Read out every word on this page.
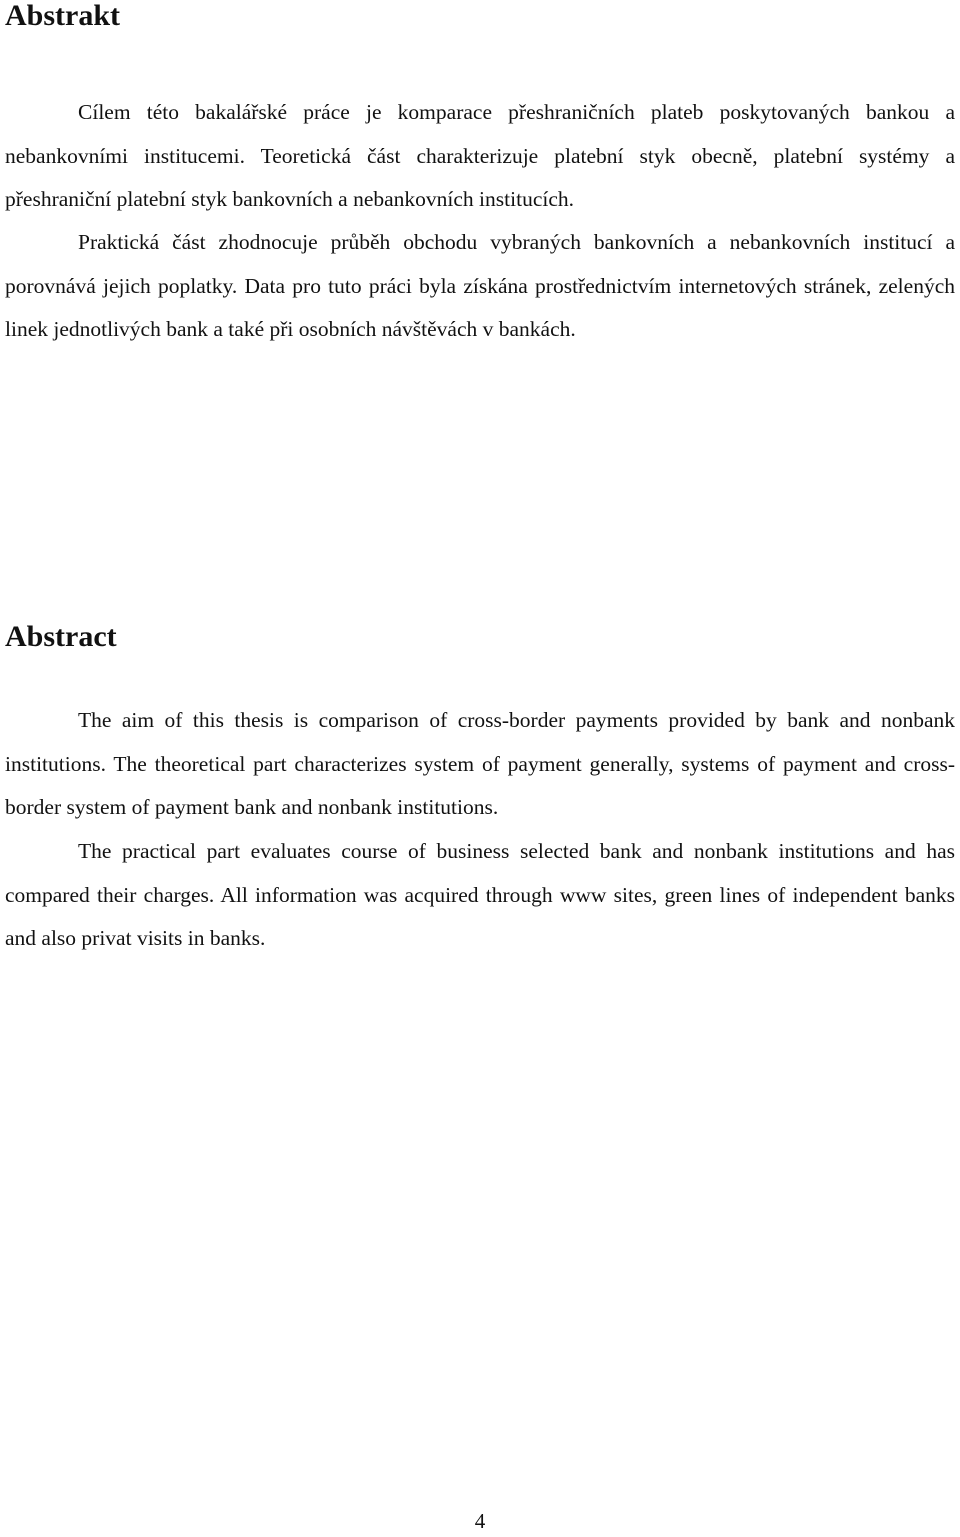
Abstrakt

Cílem této bakalářské práce je komparace přeshraničních plateb poskytovaných bankou a nebankovními institucemi. Teoretická část charakterizuje platební styk obecně, platební systémy a přeshraniční platební styk bankovních a nebankovních institucích.

Praktická část zhodnocuje průběh obchodu vybraných bankovních a nebankovních institucí a porovnává jejich poplatky. Data pro tuto práci byla získána prostřednictvím internetových stránek, zelených linek jednotlivých bank a také při osobních návštěvách v bankách.

Abstract

The aim of this thesis is comparison of cross-border payments provided by bank and nonbank institutions. The theoretical part characterizes system of payment generally, systems of payment and cross-border system of payment bank and nonbank institutions.

The practical part evaluates course of business selected bank and nonbank institutions and has compared their charges. All information was acquired through www sites, green lines of independent banks and also privat visits in banks.

4
